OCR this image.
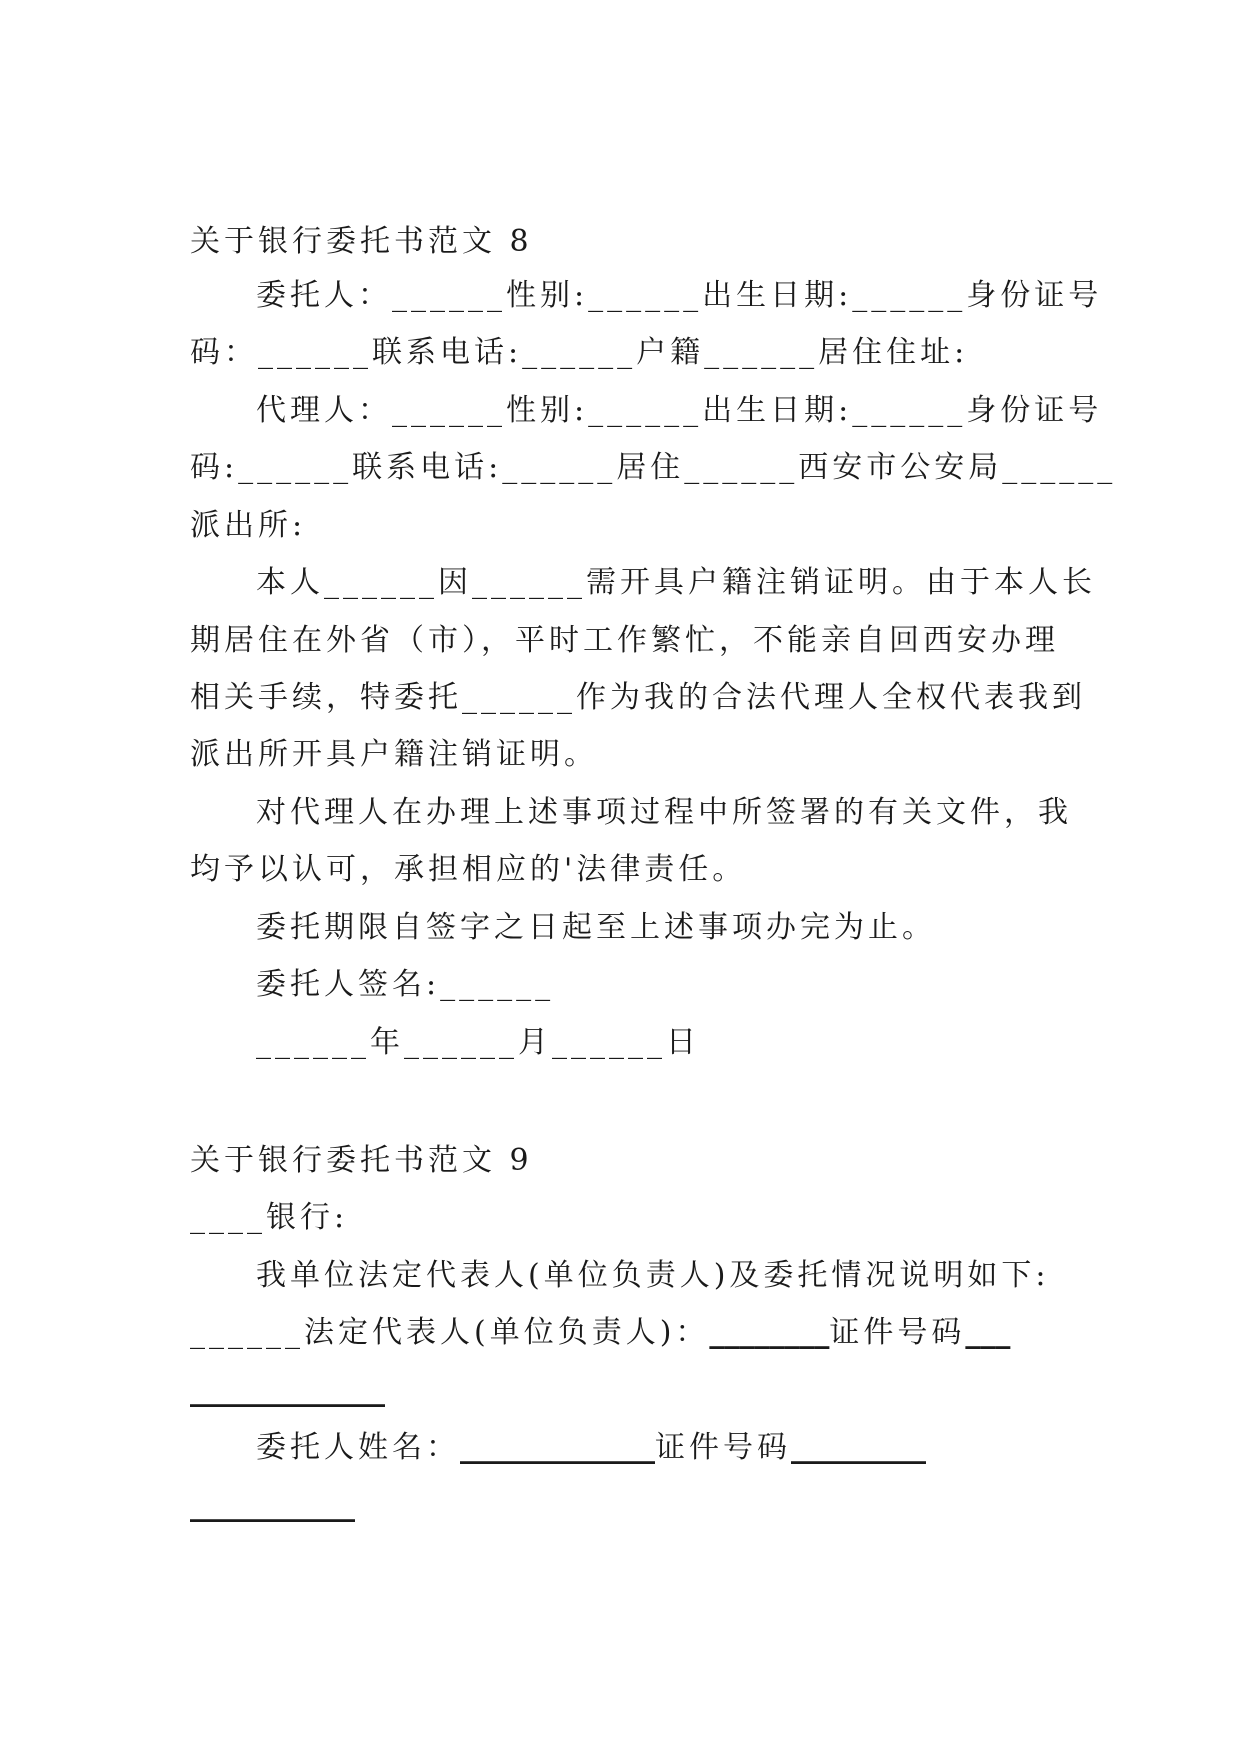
关于银行委托书范文 8
委托人：______性别:______出生日期:______身份证号
码：______联系电话:______户籍______居住住址:
代理人：______性别:______出生日期:______身份证号
码:______联系电话:______居住______西安市公安局______
派出所:
本人______因______需开具户籍注销证明。由于本人长
期居住在外省（市），平时工作繁忙，不能亲自回西安办理
相关手续，特委托______作为我的合法代理人全权代表我到
派出所开具户籍注销证明。
对代理人在办理上述事项过程中所签署的有关文件，我
均予以认可，承担相应的'法律责任。
委托期限自签字之日起至上述事项办完为止。
委托人签名:______
______年______月______日
关于银行委托书范文 9
____银行:
我单位法定代表人(单位负责人)及委托情况说明如下:
______法定代表人(单位负责人)：________证件号码___
_____________
委托人姓名：_____________证件号码_________
___________
